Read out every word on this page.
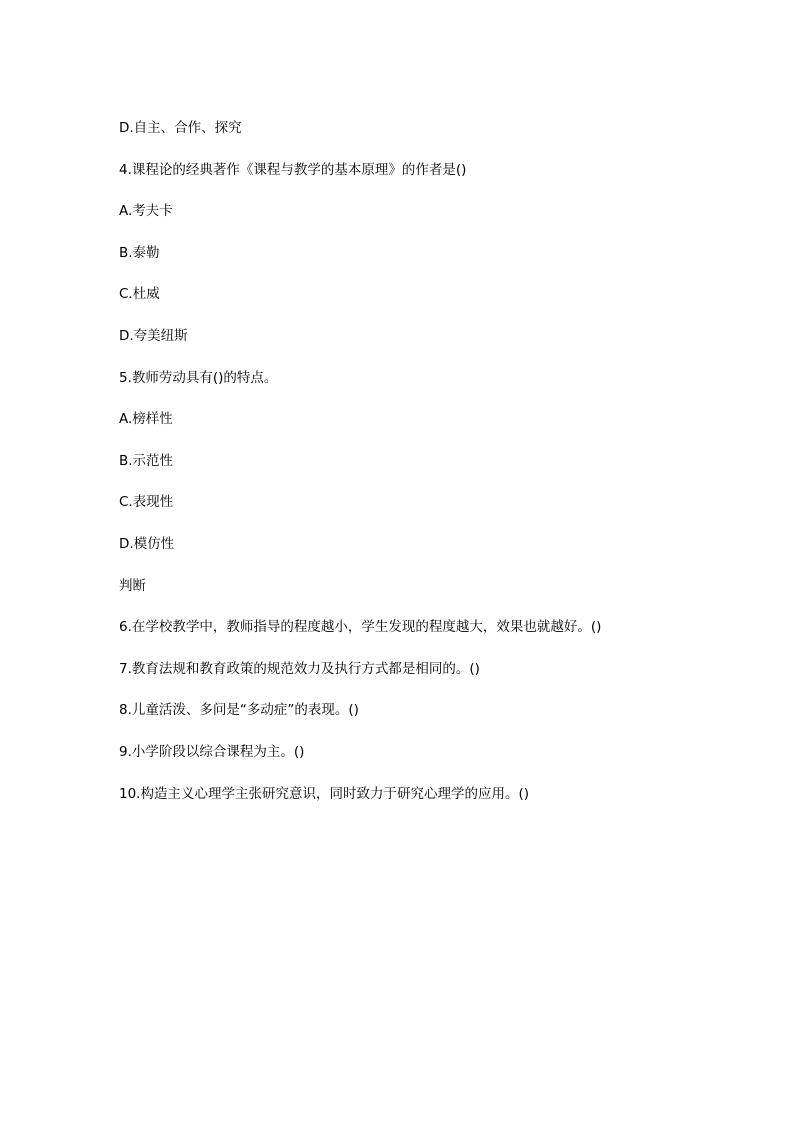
D.自主、合作、探究
4.课程论的经典著作《课程与教学的基本原理》的作者是()
A.考夫卡
B.泰勒
C.杜威
D.夸美纽斯
5.教师劳动具有()的特点。
A.榜样性
B.示范性
C.表现性
D.模仿性
判断
6.在学校教学中，教师指导的程度越小，学生发现的程度越大，效果也就越好。()
7.教育法规和教育政策的规范效力及执行方式都是相同的。()
8.儿童活泼、多问是“多动症”的表现。()
9.小学阶段以综合课程为主。()
10.构造主义心理学主张研究意识，同时致力于研究心理学的应用。()
